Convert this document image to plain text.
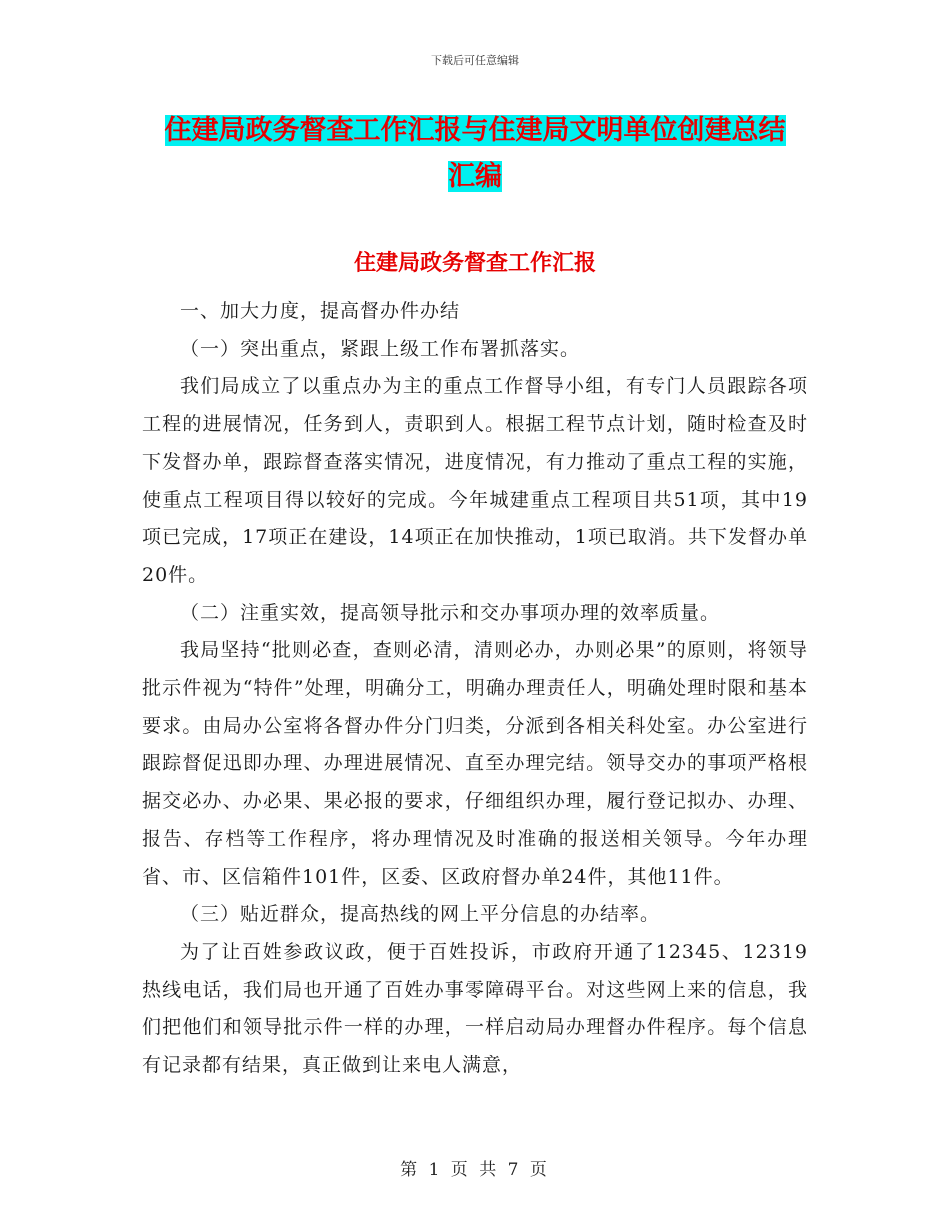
下载后可任意编辑
住建局政务督查工作汇报与住建局文明单位创建总结
汇编
住建局政务督查工作汇报

一、加大力度，提高督办件办结

（一）突出重点，紧跟上级工作布署抓落实。

我们局成立了以重点办为主的重点工作督导小组，有专门人员跟踪各项工程的进展情况，任务到人，责职到人。根据工程节点计划，随时检查及时下发督办单，跟踪督查落实情况，进度情况，有力推动了重点工程的实施，使重点工程项目得以较好的完成。今年城建重点工程项目共51项，其中19项已完成，17项正在建设，14项正在加快推动，1项已取消。共下发督办单20件。

（二）注重实效，提高领导批示和交办事项办理的效率质量。

我局坚持“批则必查，查则必清，清则必办，办则必果”的原则，将领导批示件视为“特件”处理，明确分工，明确办理责任人，明确处理时限和基本要求。由局办公室将各督办件分门归类，分派到各相关科处室。办公室进行跟踪督促迅即办理、办理进展情况、直至办理完结。领导交办的事项严格根据交必办、办必果、果必报的要求，仔细组织办理，履行登记拟办、办理、报告、存档等工作程序，将办理情况及时准确的报送相关领导。今年办理省、市、区信箱件101件，区委、区政府督办单24件，其他11件。

（三）贴近群众，提高热线的网上平分信息的办结率。

为了让百姓参政议政，便于百姓投诉，市政府开通了12345、12319热线电话，我们局也开通了百姓办事零障碍平台。对这些网上来的信息，我们把他们和领导批示件一样的办理，一样启动局办理督办件程序。每个信息有记录都有结果，真正做到让来电人满意，

第 1 页 共 7 页
